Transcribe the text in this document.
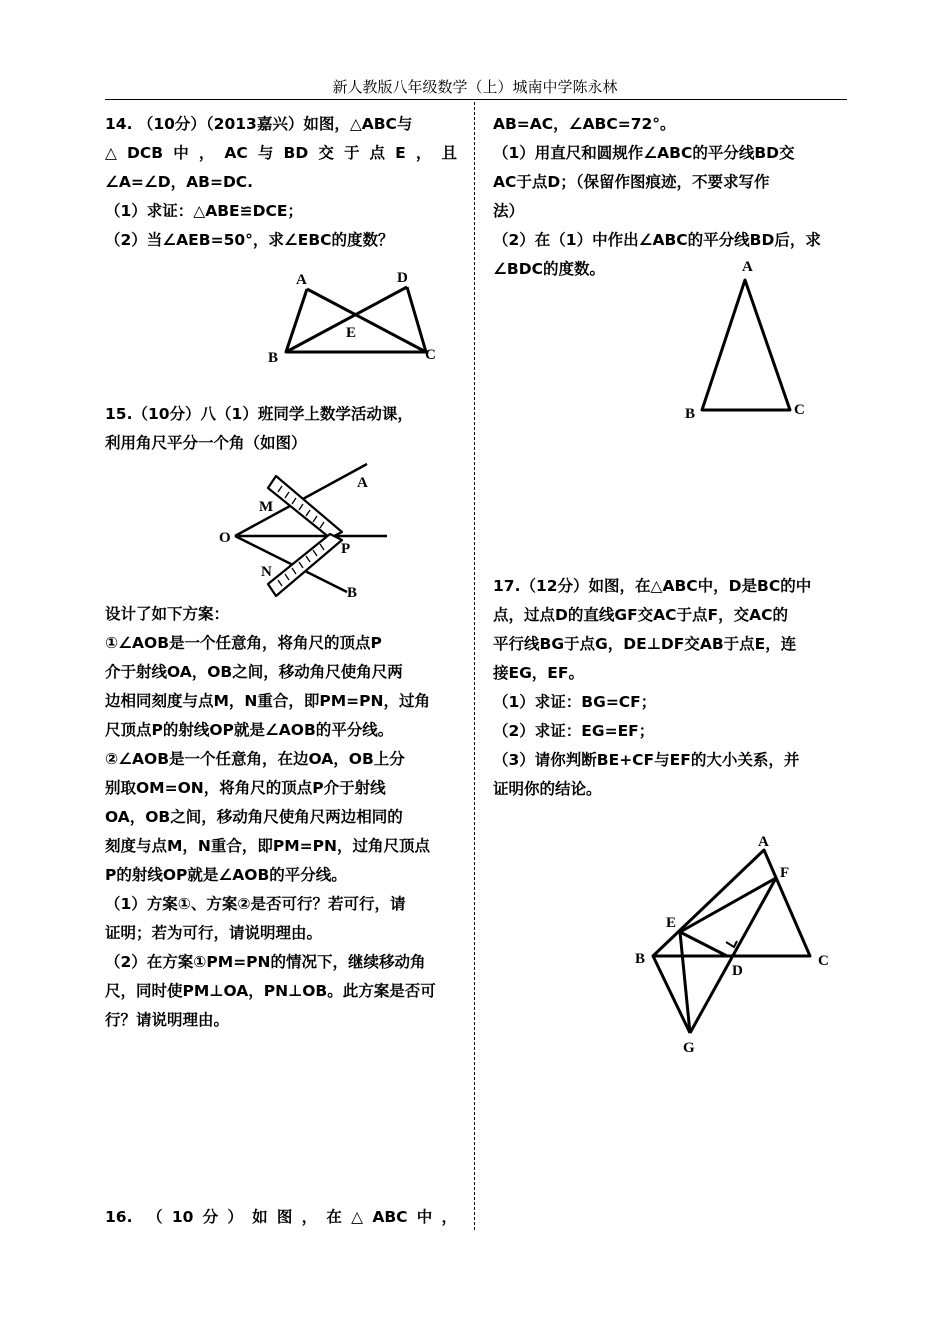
新人教版八年级数学（上）城南中学陈永林

14. （10分）（2013嘉兴）如图，△ABC与

△DCB中，AC与BD交于点E，且

∠A=∠D，AB=DC.

（1）求证：△ABE≌DCE；

（2）当∠AEB=50°，求∠EBC的度数？

A	D
E
B	C

15.（10分）八（1）班同学上数学活动课，

利用角尺平分一个角（如图）

A
M
O
P
N
B

设计了如下方案：

①∠AOB是一个任意角，将角尺的顶点P

介于射线OA，OB之间，移动角尺使角尺两

边相同刻度与点M，N重合，即PM=PN，过角

尺顶点P的射线OP就是∠AOB的平分线。

②∠AOB是一个任意角，在边OA，OB上分

别取OM=ON，将角尺的顶点P介于射线

OA，OB之间，移动角尺使角尺两边相同的

刻度与点M，N重合，即PM=PN，过角尺顶点

P的射线OP就是∠AOB的平分线。

（1）方案①、方案②是否可行？若可行，请

证明；若为可行，请说明理由。

（2）在方案①PM=PN的情况下，继续移动角

尺，同时使PM⊥OA，PN⊥OB。此方案是否可

行？请说明理由。

16. （10分）如图，在△ABC中，

AB=AC，∠ABC=72°。

（1）用直尺和圆规作∠ABC的平分线BD交

AC于点D；（保留作图痕迹，不要求写作

法）

（2）在（1）中作出∠ABC的平分线BD后，求

∠BDC的度数。	A
B	C

17.（12分）如图，在△ABC中，D是BC的中

点，过点D的直线GF交AC于点F，交AC的

平行线BG于点G，DE⊥DF交AB于点E，连

接EG，EF。

（1）求证：BG=CF；

（2）求证：EG=EF；

（3）请你判断BE+CF与EF的大小关系，并

证明你的结论。

A
F
E
B
D
C
G
